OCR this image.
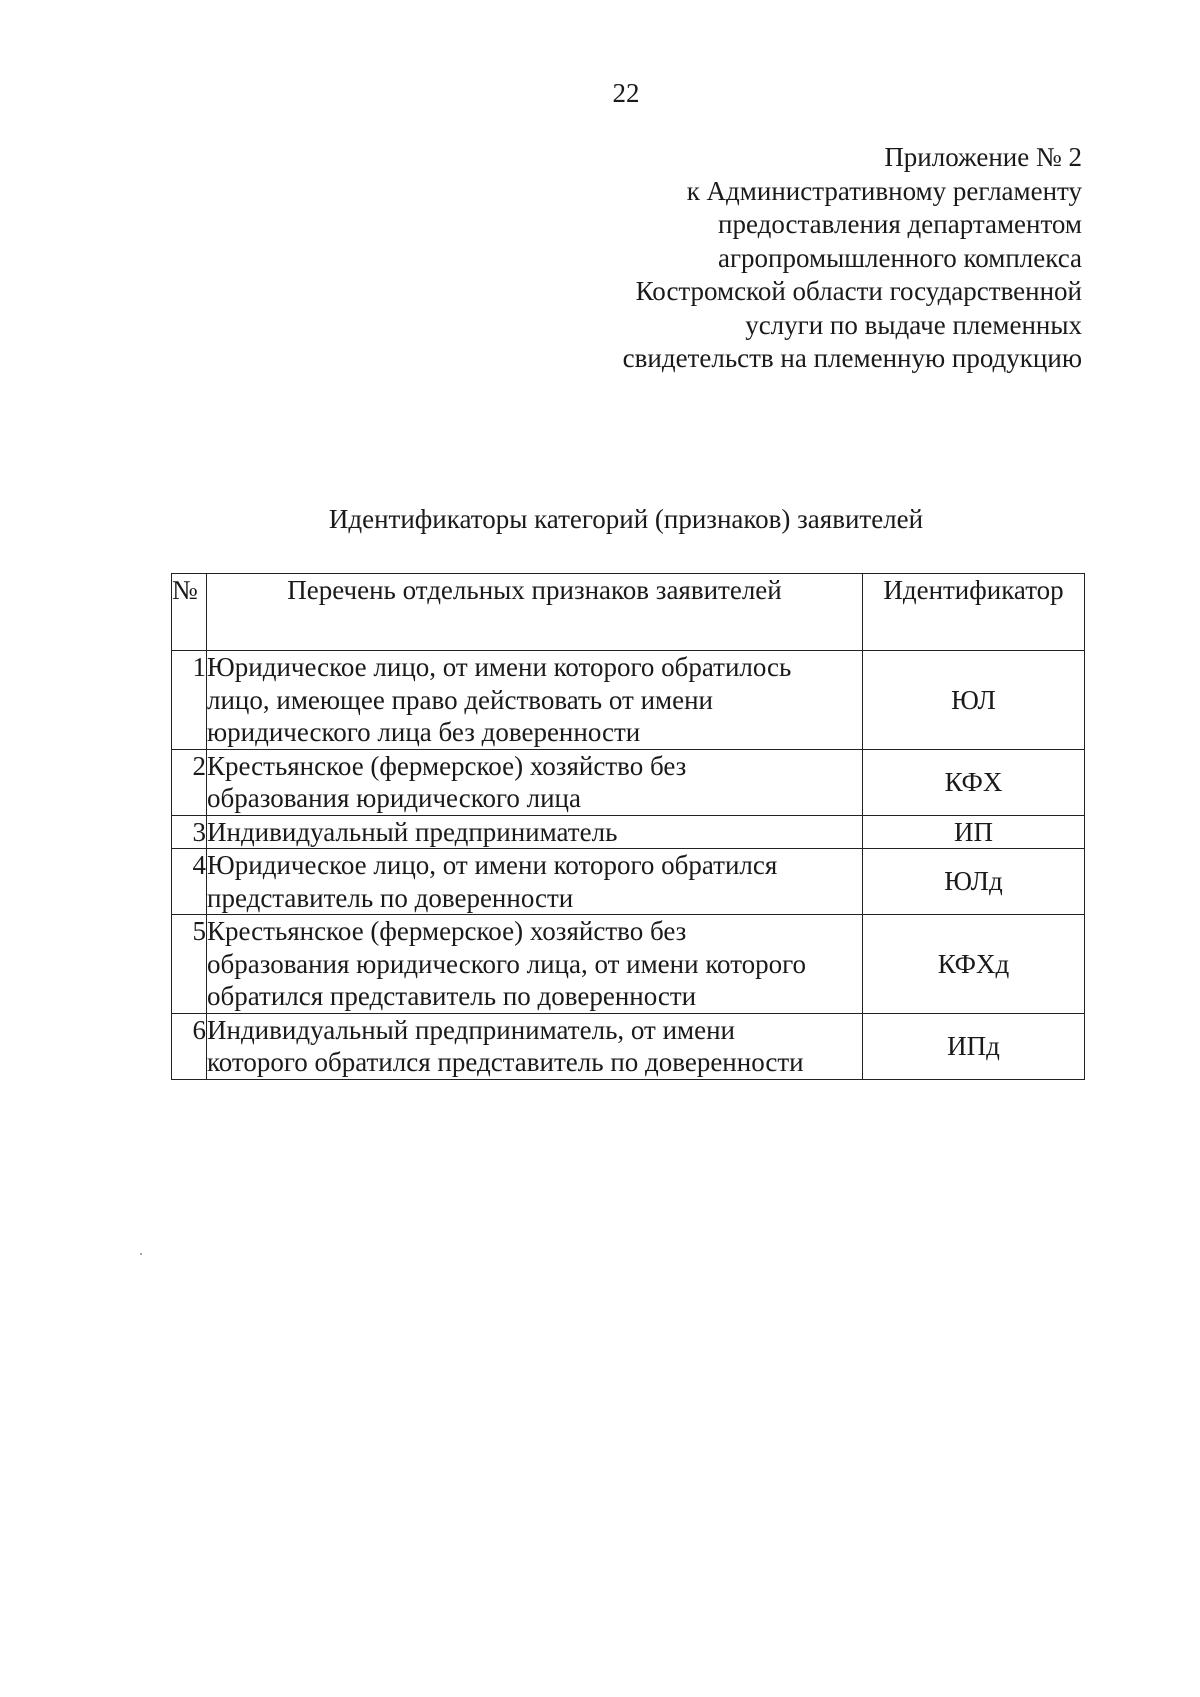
22
Приложение № 2
к Административному регламенту
предоставления департаментом
агропромышленного комплекса
Костромской области государственной
услуги по выдаче племенных
свидетельств на племенную продукцию
Идентификаторы категорий (признаков) заявителей
№	Перечень отдельных признаков заявителей	Идентификатор
1	Юридическое лицо, от имени которого обратилось
лицо, имеющее право действовать от имени
юридического лица без доверенности	ЮЛ
2	Крестьянское (фермерское) хозяйство без
образования юридического лица	КФХ
3	Индивидуальный предприниматель	ИП
4	Юридическое лицо, от имени которого обратился
представитель по доверенности	ЮЛд
5	Крестьянское (фермерское) хозяйство без
образования юридического лица, от имени которого
обратился представитель по доверенности	КФХд
6	Индивидуальный предприниматель, от имени
которого обратился представитель по доверенности	ИПд
